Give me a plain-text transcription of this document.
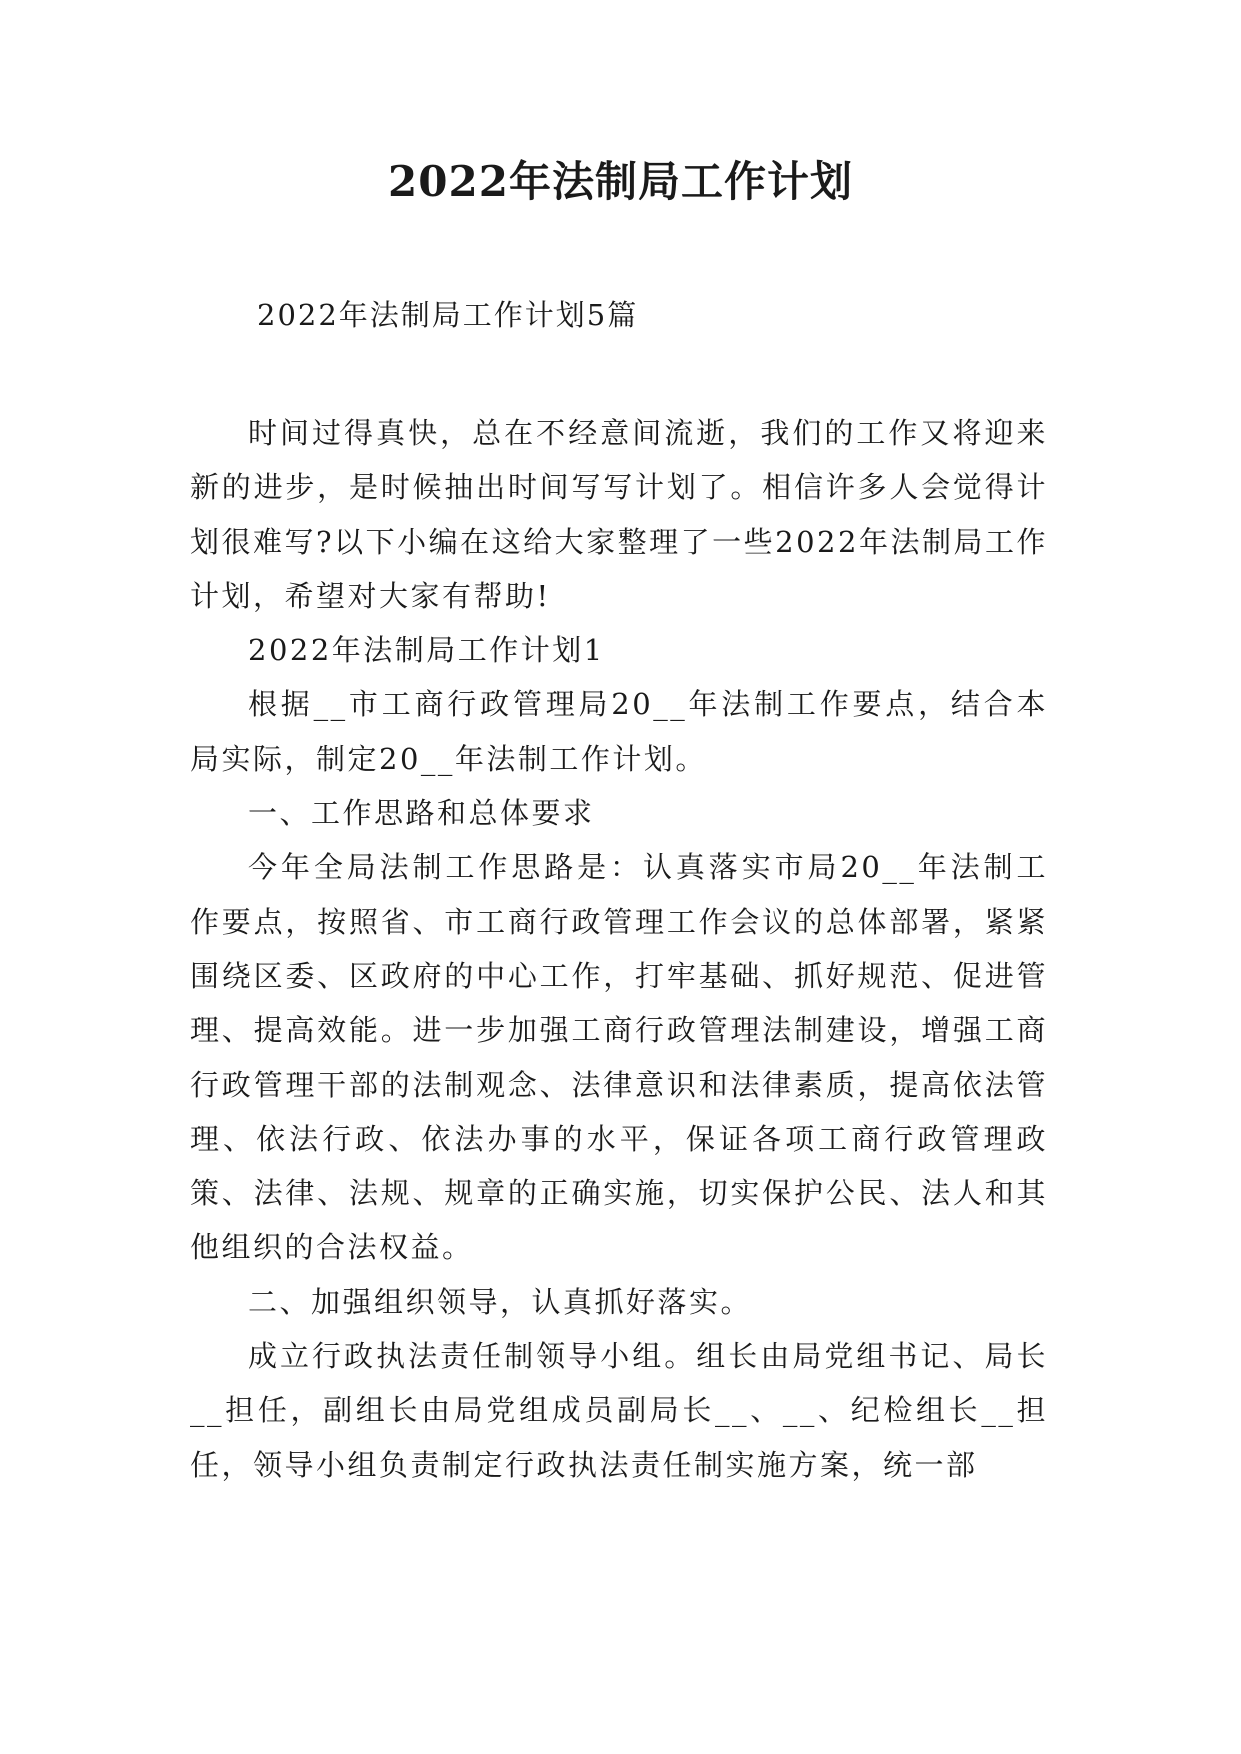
2022年法制局工作计划

2022年法制局工作计划5篇

时间过得真快，总在不经意间流逝，我们的工作又将迎来新的进步，是时候抽出时间写写计划了。相信许多人会觉得计划很难写?以下小编在这给大家整理了一些2022年法制局工作计划，希望对大家有帮助!

2022年法制局工作计划1

根据__市工商行政管理局20__年法制工作要点，结合本局实际，制定20__年法制工作计划。

一、工作思路和总体要求

今年全局法制工作思路是：认真落实市局20__年法制工作要点，按照省、市工商行政管理工作会议的总体部署，紧紧围绕区委、区政府的中心工作，打牢基础、抓好规范、促进管理、提高效能。进一步加强工商行政管理法制建设，增强工商行政管理干部的法制观念、法律意识和法律素质，提高依法管理、依法行政、依法办事的水平，保证各项工商行政管理政策、法律、法规、规章的正确实施，切实保护公民、法人和其他组织的合法权益。

二、加强组织领导，认真抓好落实。

成立行政执法责任制领导小组。组长由局党组书记、局长__担任，副组长由局党组成员副局长__、__、纪检组长__担任，领导小组负责制定行政执法责任制实施方案，统一部
